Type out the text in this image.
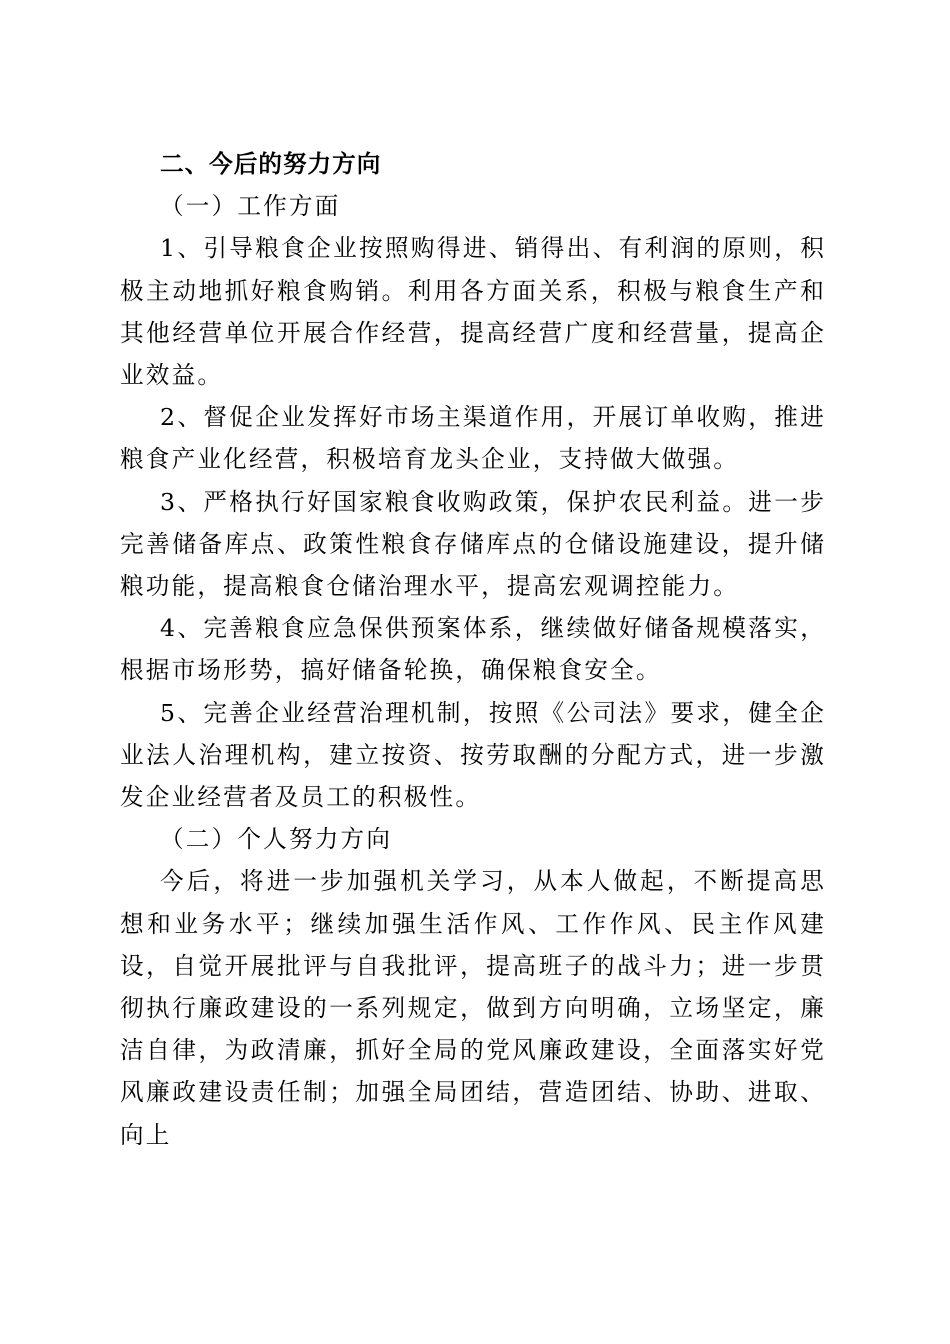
二、今后的努力方向

（一）工作方面

1、引导粮食企业按照购得进、销得出、有利润的原则，积极主动地抓好粮食购销。利用各方面关系，积极与粮食生产和其他经营单位开展合作经营，提高经营广度和经营量，提高企业效益。

2、督促企业发挥好市场主渠道作用，开展订单收购，推进粮食产业化经营，积极培育龙头企业，支持做大做强。

3、严格执行好国家粮食收购政策，保护农民利益。进一步完善储备库点、政策性粮食存储库点的仓储设施建设，提升储粮功能，提高粮食仓储治理水平，提高宏观调控能力。

4、完善粮食应急保供预案体系，继续做好储备规模落实，根据市场形势，搞好储备轮换，确保粮食安全。

5、完善企业经营治理机制，按照《公司法》要求，健全企业法人治理机构，建立按资、按劳取酬的分配方式，进一步激发企业经营者及员工的积极性。

（二）个人努力方向

今后，将进一步加强机关学习，从本人做起，不断提高思想和业务水平；继续加强生活作风、工作作风、民主作风建设，自觉开展批评与自我批评，提高班子的战斗力；进一步贯彻执行廉政建设的一系列规定，做到方向明确，立场坚定，廉洁自律，为政清廉，抓好全局的党风廉政建设，全面落实好党风廉政建设责任制；加强全局团结，营造团结、协助、进取、向上
